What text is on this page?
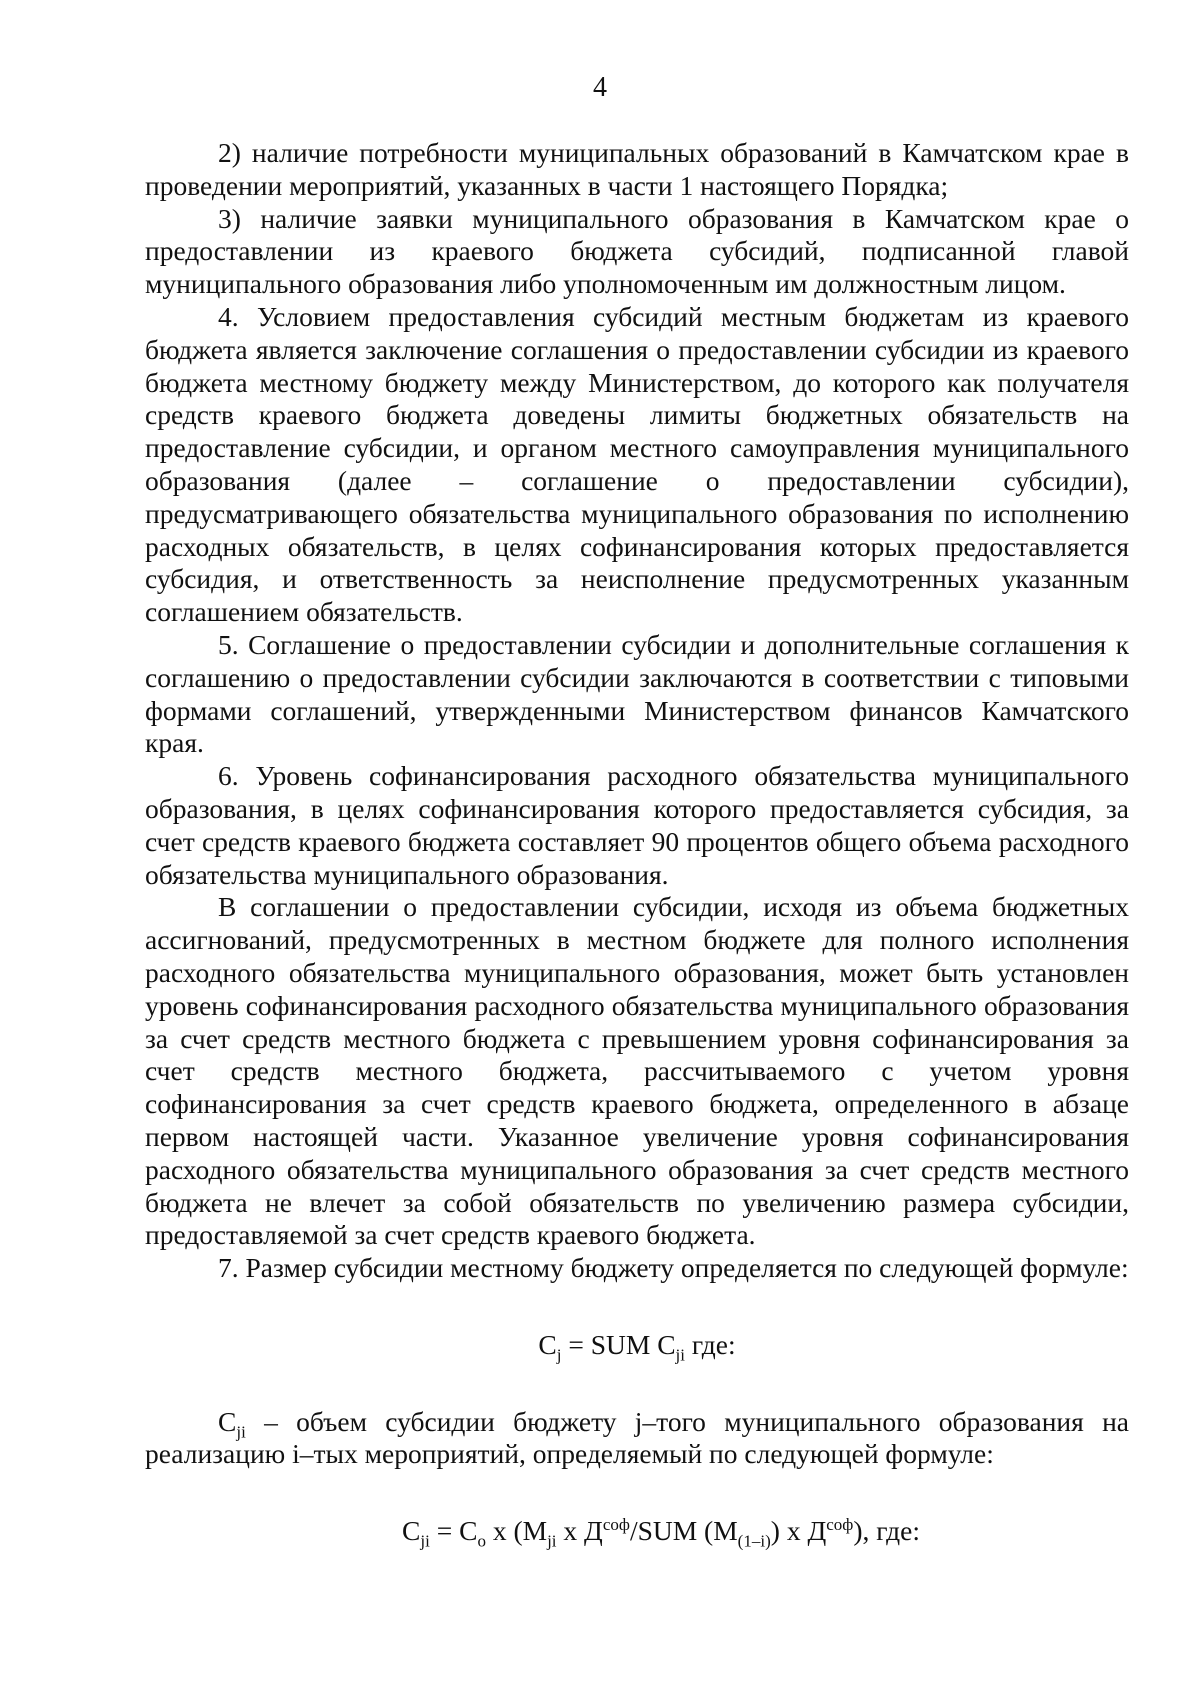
4

2) наличие потребности муниципальных образований в Камчатском крае в проведении мероприятий, указанных в части 1 настоящего Порядка;

3) наличие заявки муниципального образования в Камчатском крае о предоставлении из краевого бюджета субсидий, подписанной главой муниципального образования либо уполномоченным им должностным лицом.

4. Условием предоставления субсидий местным бюджетам из краевого бюджета является заключение соглашения о предоставлении субсидии из краевого бюджета местному бюджету между Министерством, до которого как получателя средств краевого бюджета доведены лимиты бюджетных обязательств на предоставление субсидии, и органом местного самоуправления муниципального образования (далее – соглашение о предоставлении субсидии), предусматривающего обязательства муниципального образования по исполнению расходных обязательств, в целях софинансирования которых предоставляется субсидия, и ответственность за неисполнение предусмотренных указанным соглашением обязательств.

5. Соглашение о предоставлении субсидии и дополнительные соглашения к соглашению о предоставлении субсидии заключаются в соответствии с типовыми формами соглашений, утвержденными Министерством финансов Камчатского края.

6. Уровень софинансирования расходного обязательства муниципального образования, в целях софинансирования которого предоставляется субсидия, за счет средств краевого бюджета составляет 90 процентов общего объема расходного обязательства муниципального образования.

В соглашении о предоставлении субсидии, исходя из объема бюджетных ассигнований, предусмотренных в местном бюджете для полного исполнения расходного обязательства муниципального образования, может быть установлен уровень софинансирования расходного обязательства муниципального образования за счет средств местного бюджета с превышением уровня софинансирования за счет средств местного бюджета, рассчитываемого с учетом уровня софинансирования за счет средств краевого бюджета, определенного в абзаце первом настоящей части. Указанное увеличение уровня софинансирования расходного обязательства муниципального образования за счет средств местного бюджета не влечет за собой обязательств по увеличению размера субсидии, предоставляемой за счет средств краевого бюджета.

7. Размер субсидии местному бюджету определяется по следующей формуле:

$C_j$ = SUM $C_{ji}$ где:

$C_{ji}$ – объем субсидии бюджету j–того муниципального образования на реализацию i–тых мероприятий, определяемый по следующей формуле:

$C_{ji} = C_o$ x ($M_{ji}$ x $Д^{соф}$/SUM $(M_{(1-i)})$ x $Д^{соф}$), где:
